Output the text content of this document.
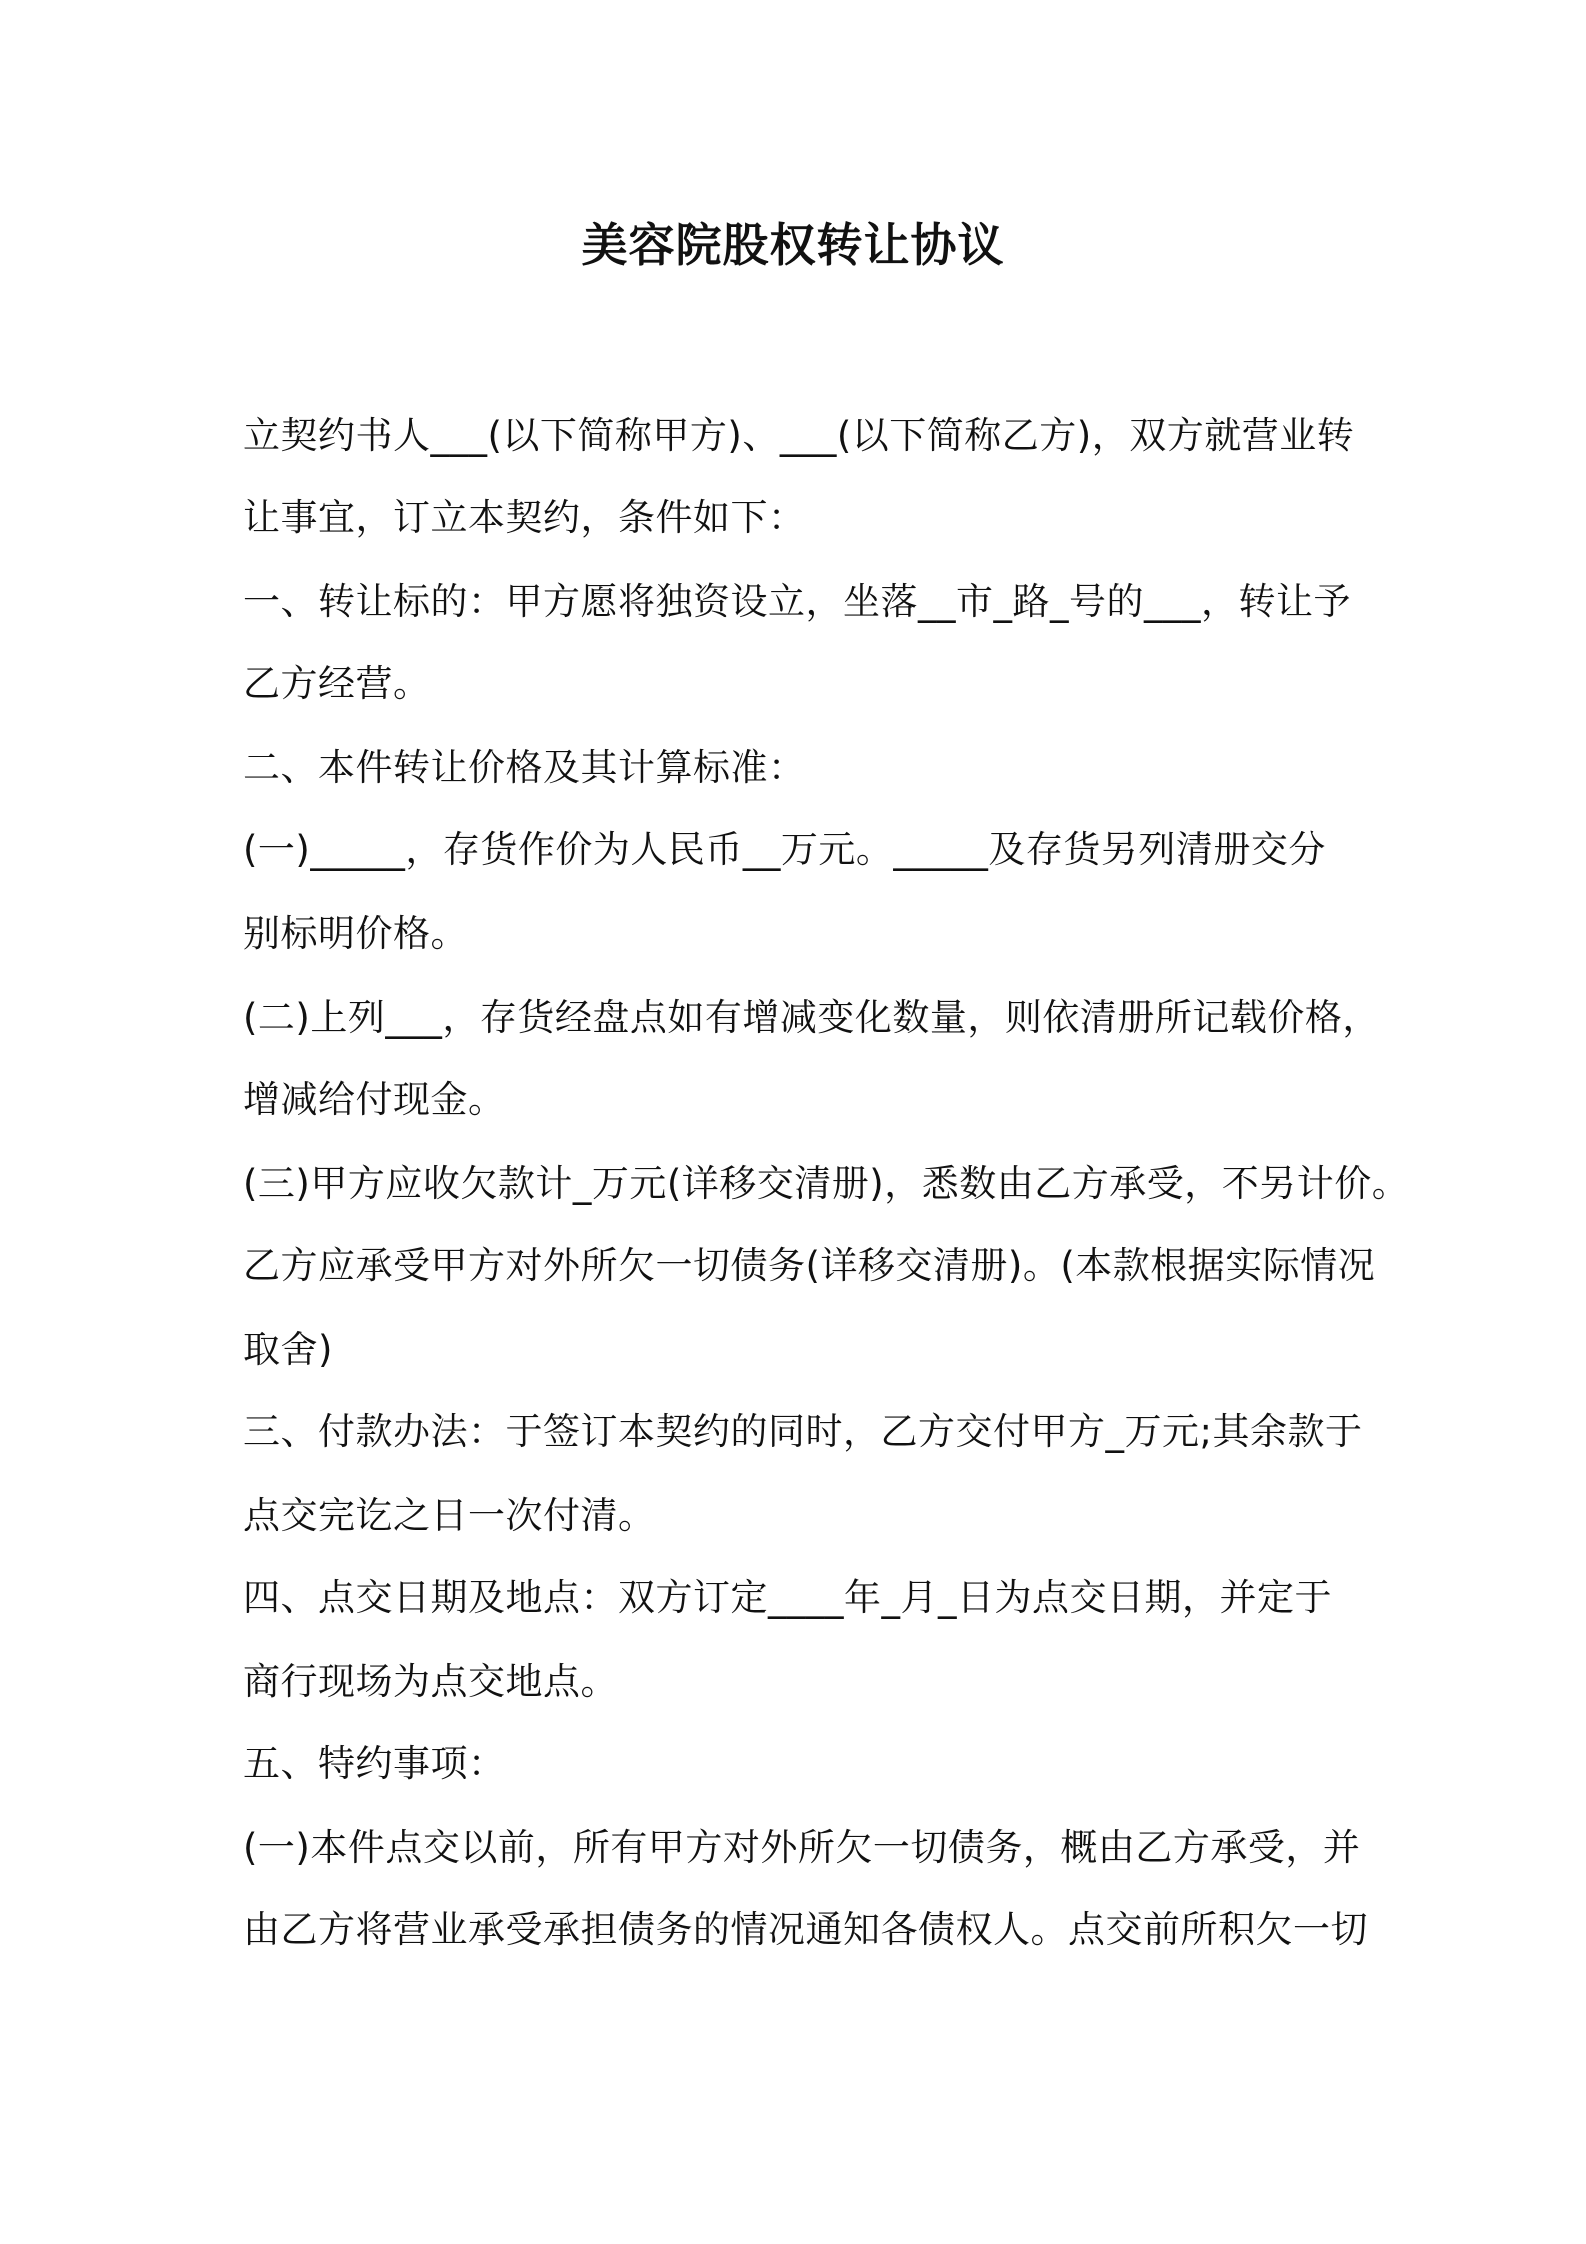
美容院股权转让协议
立契约书人___(以下简称甲方)、___(以下简称乙方)，双方就营业转
让事宜，订立本契约，条件如下：
一、转让标的：甲方愿将独资设立，坐落__市_路_号的___，转让予
乙方经营。
二、本件转让价格及其计算标准：
(一)_____，存货作价为人民币__万元。_____及存货另列清册交分
别标明价格。
(二)上列___，存货经盘点如有增减变化数量，则依清册所记载价格，
增减给付现金。
(三)甲方应收欠款计_万元(详移交清册)，悉数由乙方承受，不另计价。
乙方应承受甲方对外所欠一切债务(详移交清册)。(本款根据实际情况
取舍)
三、付款办法：于签订本契约的同时，乙方交付甲方_万元;其余款于
点交完讫之日一次付清。
四、点交日期及地点：双方订定____年_月_日为点交日期，并定于
商行现场为点交地点。
五、特约事项：
(一)本件点交以前，所有甲方对外所欠一切债务，概由乙方承受，并
由乙方将营业承受承担债务的情况通知各债权人。点交前所积欠一切
